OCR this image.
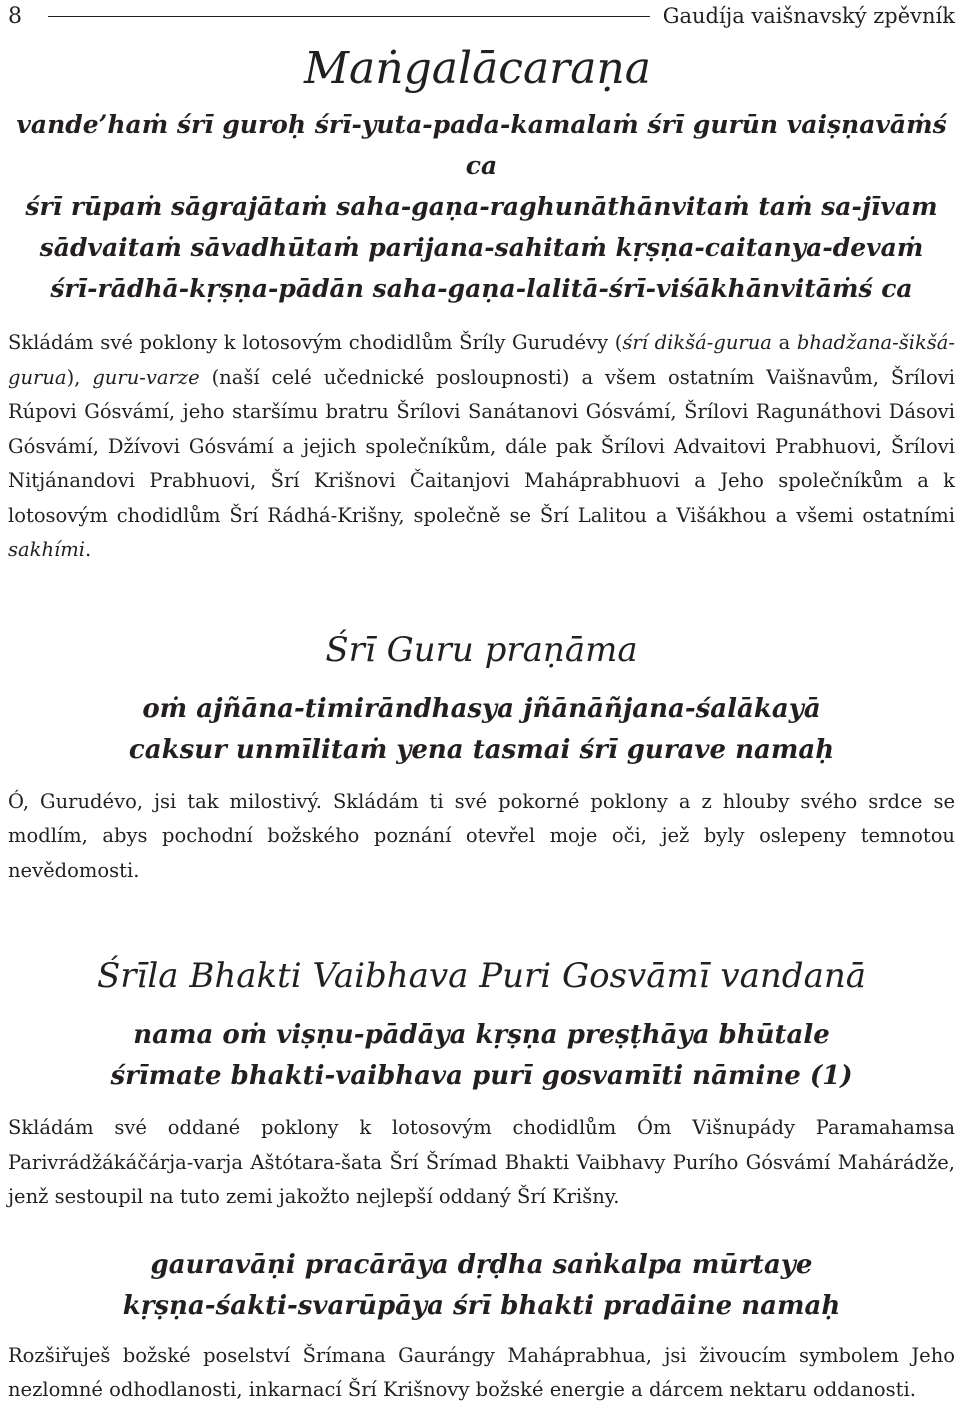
8	Gaudíja vaišnavský zpěvník
Maṅgalācaraṇa
vande’haṁ śrī guroḥ śrī-yuta-pada-kamalaṁ śrī gurūn vaiṣṇavāṁś ca
śrī rūpaṁ sāgrajātaṁ saha-gaṇa-raghunāthānvitaṁ taṁ sa-jīvam
sādvaitaṁ sāvadhūtaṁ parijana-sahitaṁ kṛṣṇa-caitanya-devaṁ
śrī-rādhā-kṛṣṇa-pādān saha-gaṇa-lalitā-śrī-viśākhānvitāṁś ca

Skládám své poklony k lotosovým chodidlům Šríly Gurudévy (śrí dikšá-gurua a bhadžana-šikšá-gurua), guru-varze (naší celé učednické posloupnosti) a všem ostatním Vaišnavům, Šrílovi Rúpovi Gósvámí, jeho staršímu bratru Šrílovi Sanátanovi Gósvámí, Šrílovi Ragunáthovi Dásovi Gósvámí, Džívovi Gósvámí a jejich společníkům, dále pak Šrílovi Advaitovi Prabhuovi, Šrílovi Nitjánandovi Prabhuovi, Šrí Krišnovi Čaitanjovi Maháprabhuovi a Jeho společníkům a k lotosovým chodidlům Šrí Rádhá-Krišny, společně se Šrí Lalitou a Višákhou a všemi ostatními sakhími.

Śrī Guru praṇāma
oṁ ajñāna-timirāndhasya jñānāñjana-śalākayā
caksur unmīlitaṁ yena tasmai śrī gurave namaḥ

Ó, Gurudévo, jsi tak milostivý. Skládám ti své pokorné poklony a z hlouby svého srdce se modlím, abys pochodní božského poznání otevřel moje oči, jež byly oslepeny temnotou nevědomosti.

Śrīla Bhakti Vaibhava Puri Gosvāmī vandanā
nama oṁ viṣṇu-pādāya kṛṣṇa preṣṭhāya bhūtale
śrīmate bhakti-vaibhava purī gosvamīti nāmine (1)

Skládám své oddané poklony k lotosovým chodidlům Óm Višnupády Paramahamsa Parivrádžákáčárja-varja Aštótara-šata Šrí Šrímad Bhakti Vaibhavy Purího Gósvámí Mahárádže, jenž sestoupil na tuto zemi jakožto nejlepší oddaný Šrí Krišny.

gauravāṇi pracārāya dṛḍha saṅkalpa mūrtaye
kṛṣṇa-śakti-svarūpāya śrī bhakti pradāine namaḥ

Rozšiřuješ božské poselství Šrímana Gaurángy Maháprabhua, jsi živoucím symbolem Jeho nezlomné odhodlanosti, inkarnací Šrí Krišnovy božské energie a dárcem nektaru oddanosti.
